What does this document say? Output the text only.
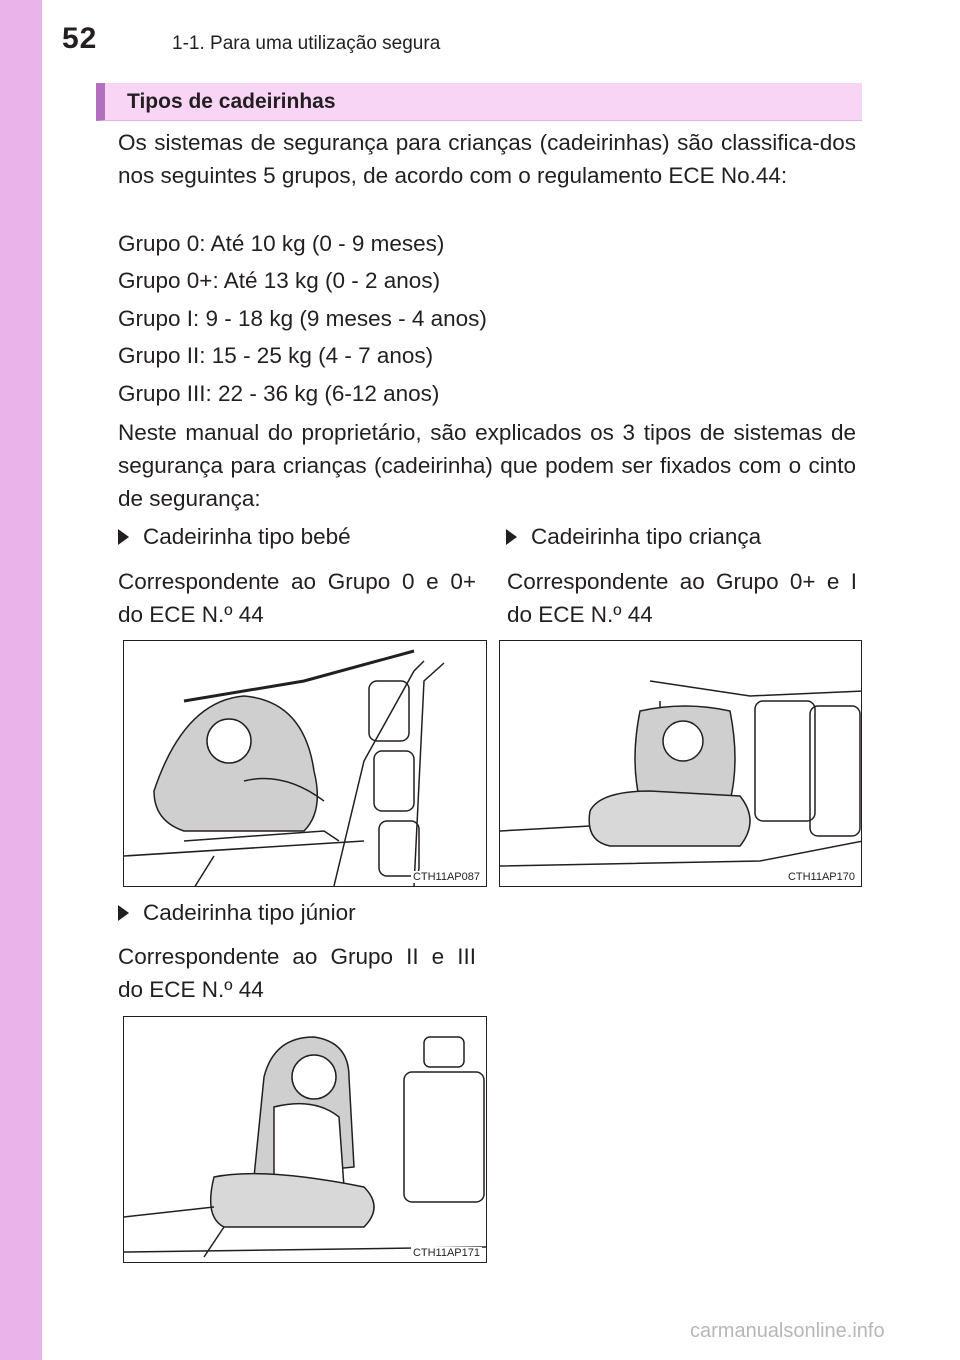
52	1-1. Para uma utilização segura
Tipos de cadeirinhas
Os sistemas de segurança para crianças (cadeirinhas) são classifica-dos nos seguintes 5 grupos, de acordo com o regulamento ECE No.44:
Grupo 0: Até 10 kg (0 - 9 meses)
Grupo 0+: Até 13 kg (0 - 2 anos)
Grupo I: 9 - 18 kg (9 meses - 4 anos)
Grupo II: 15 - 25 kg (4 - 7 anos)
Grupo III: 22 - 36 kg (6-12 anos)
Neste manual do proprietário, são explicados os 3 tipos de sistemas de segurança para crianças (cadeirinha) que podem ser fixados com o cinto de segurança:
Cadeirinha tipo bebé
Correspondente ao Grupo 0 e 0+
do ECE N.º 44
Cadeirinha tipo criança
Correspondente ao Grupo 0+ e I
do ECE N.º 44
CTH11AP087	CTH11AP170
Cadeirinha tipo júnior
Correspondente ao Grupo II e III
do ECE N.º 44
CTH11AP171
carmanualsonline.info
